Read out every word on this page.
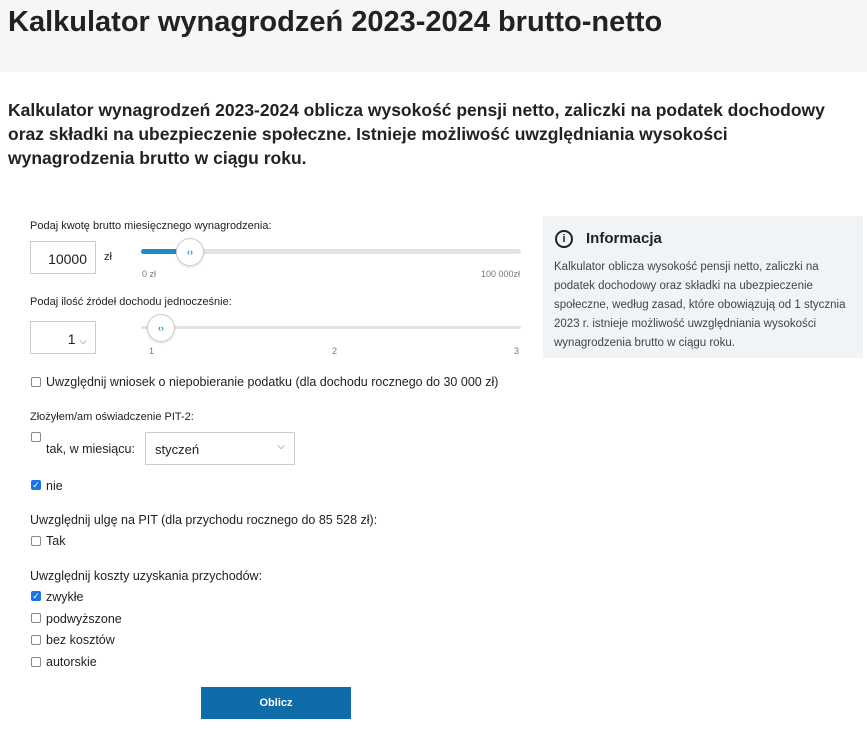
Kalkulator wynagrodzeń 2023-2024 brutto-netto

Kalkulator wynagrodzeń 2023-2024 oblicza wysokość pensji netto, zaliczki na podatek dochodowy oraz składki na ubezpieczenie społeczne. Istnieje możliwość uwzględniania wysokości wynagrodzenia brutto w ciągu roku.

Podaj kwotę brutto miesięcznego wynagrodzenia:
10000	zł	‹›
0 zł	100 000zł
Podaj ilość źródeł dochodu jednocześnie:
1 ⌵
‹›
1	2	3
Uwzględnij wniosek o niepobieranie podatku (dla dochodu rocznego do 30 000 zł)
Złożyłem/am oświadczenie PIT-2:
tak, w miesiącu:	styczeń	⌵
✓ nie
Uwzględnij ulgę na PIT (dla przychodu rocznego do 85 528 zł):
Tak
Uwzględnij koszty uzyskania przychodów:
✓ zwykłe
podwyższone
bez kosztów
autorskie
Oblicz
i	Informacja

Kalkulator oblicza wysokość pensji netto, zaliczki na podatek dochodowy oraz składki na ubezpieczenie społeczne, według zasad, które obowiązują od 1 stycznia 2023 r. istnieje możliwość uwzględniania wysokości wynagrodzenia brutto w ciągu roku.
